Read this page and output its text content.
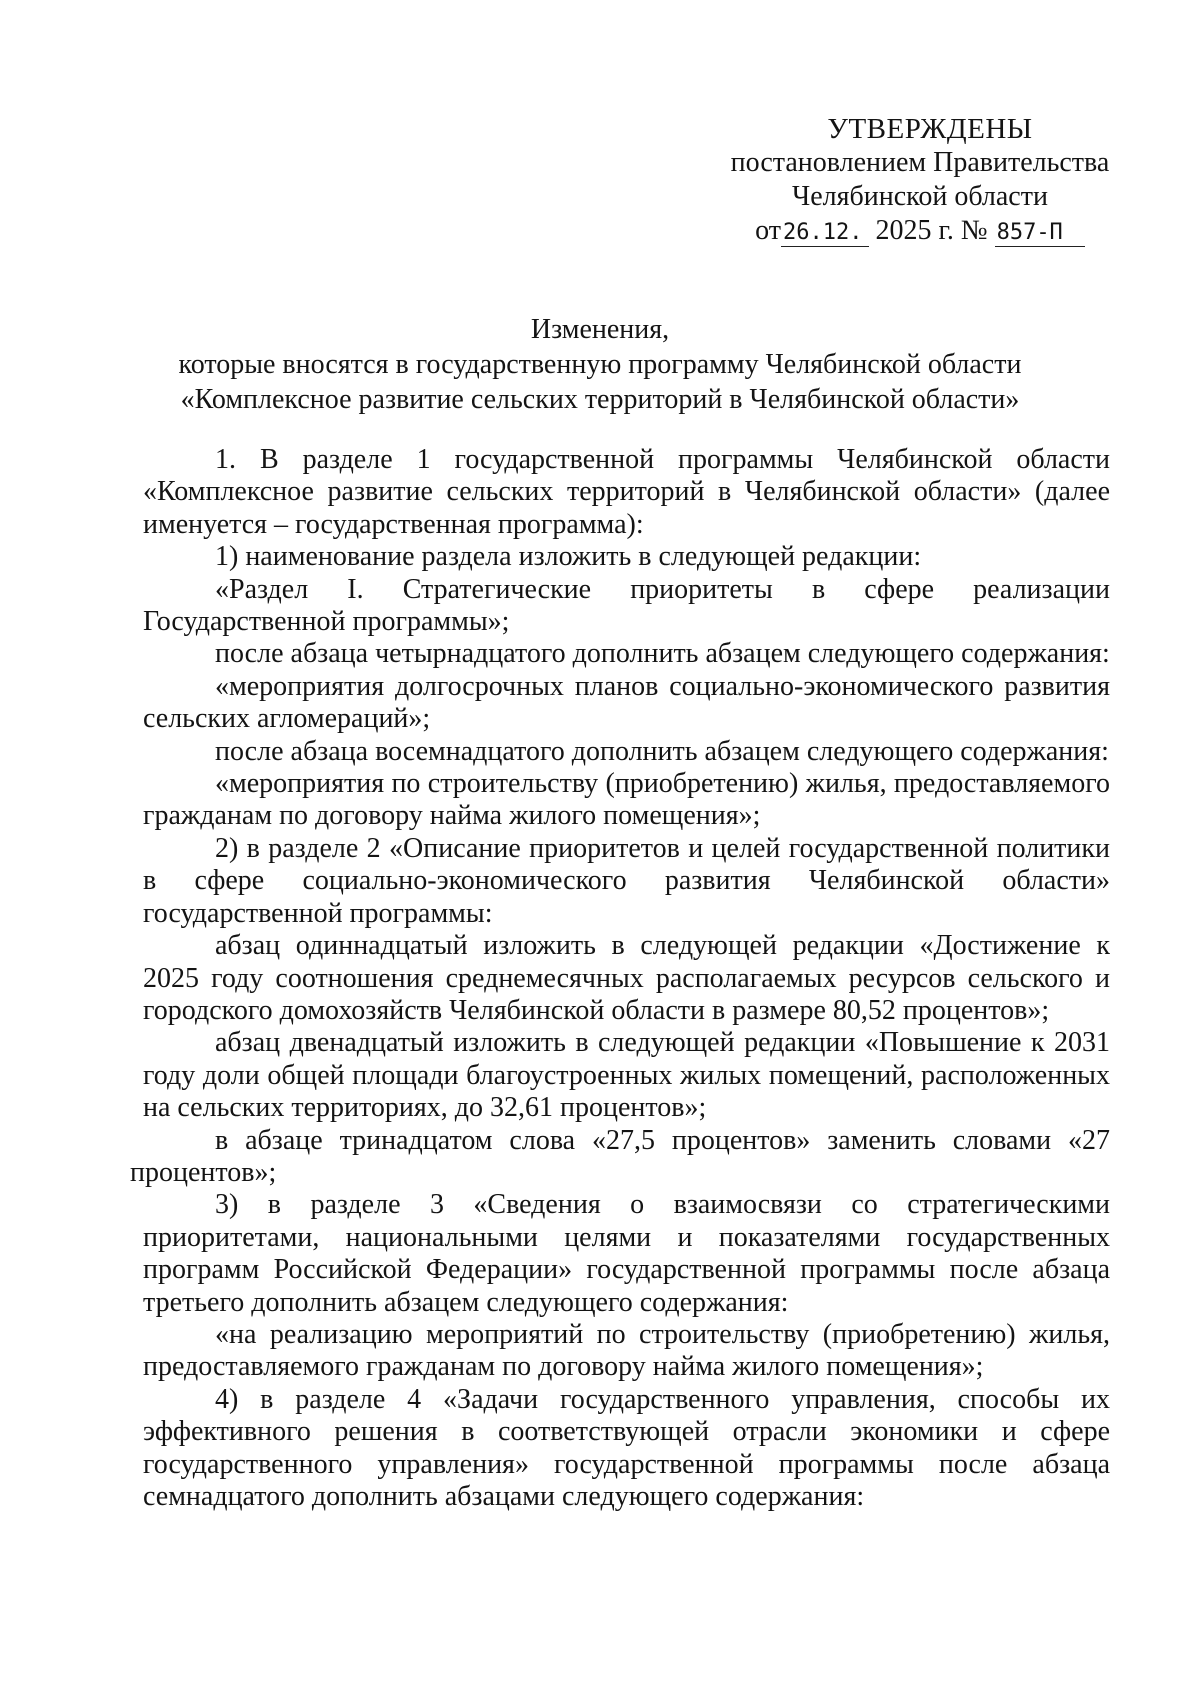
УТВЕРЖДЕНЫ
постановлением Правительства
Челябинской области
от26.12. 2025 г. № 857-П
Изменения,
которые вносятся в государственную программу Челябинской области
«Комплексное развитие сельских территорий в Челябинской области»

1. В разделе 1 государственной программы Челябинской области «Комплексное развитие сельских территорий в Челябинской области» (далее именуется – государственная программа):

1) наименование раздела изложить в следующей редакции:

«Раздел I. Стратегические приоритеты в сфере реализации Государственной программы»;

после абзаца четырнадцатого дополнить абзацем следующего содержания:

«мероприятия долгосрочных планов социально-экономического развития сельских агломераций»;

после абзаца восемнадцатого дополнить абзацем следующего содержания:

«мероприятия по строительству (приобретению) жилья, предоставляемого гражданам по договору найма жилого помещения»;

2) в разделе 2 «Описание приоритетов и целей государственной политики в сфере социально-экономического развития Челябинской области» государственной программы:

абзац одиннадцатый изложить в следующей редакции «Достижение к 2025 году соотношения среднемесячных располагаемых ресурсов сельского и городского домохозяйств Челябинской области в размере 80,52 процентов»;

абзац двенадцатый изложить в следующей редакции «Повышение к 2031 году доли общей площади благоустроенных жилых помещений, расположенных на сельских территориях, до 32,61 процентов»;

в абзаце тринадцатом слова «27,5 процентов» заменить словами «27 процентов»;

3) в разделе 3 «Сведения о взаимосвязи со стратегическими приоритетами, национальными целями и показателями государственных программ Российской Федерации» государственной программы после абзаца третьего дополнить абзацем следующего содержания:

«на реализацию мероприятий по строительству (приобретению) жилья, предоставляемого гражданам по договору найма жилого помещения»;

4) в разделе 4 «Задачи государственного управления, способы их эффективного решения в соответствующей отрасли экономики и сфере государственного управления» государственной программы после абзаца семнадцатого дополнить абзацами следующего содержания:
